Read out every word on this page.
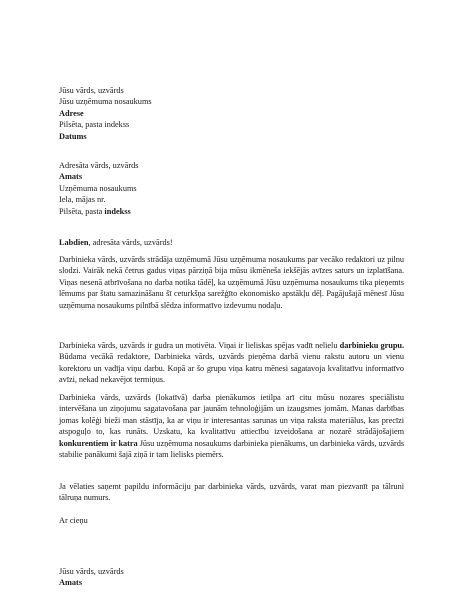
Jūsu vārds, uzvārds

Jūsu uzņēmuma nosaukums

Adrese

Pilsēta, pasta indekss

Datums

Adresāta vārds, uzvārds

Amats

Uzņēmuma nosaukums

Iela, mājas nr.

Pilsēta, pasta indekss

Labdien, adresāta vārds, uzvārds!

Darbinieka vārds, uzvārds strādāja uzņēmumā Jūsu uzņēmuma nosaukums par vecāko redaktori uz pilnu slodzi. Vairāk nekā četrus gadus viņas pārziņā bija mūsu ikmēneša iekšējās avīzes saturs un izplatīšana. Viņas nesenā atbrīvošana no darba notika tādēļ, ka uzņēmumā Jūsu uzņēmuma nosaukums tika pieņemts lēmums par štatu samazināšanu šī ceturkšņa sarežģīto ekonomisko apstākļu dēļ. Pagājušajā mēnesī Jūsu uzņēmuma nosaukums pilnībā slēdza informatīvo izdevumu nodaļu.

Darbinieka vārds, uzvārds ir gudra un motivēta. Viņai ir lieliskas spējas vadīt nelielu darbinieku grupu. Būdama vecākā redaktore, Darbinieka vārds, uzvārds pieņēma darbā vienu rakstu autoru un vienu korektoru un vadīja viņu darbu. Kopā ar šo grupu viņa katru mēnesi sagatavoja kvalitatīvu informatīvo avīzi, nekad nekavējot termiņus.

Darbinieka vārds, uzvārds (lokatīvā) darba pienākumos ietilpa arī citu mūsu nozares speciālistu intervēšana un ziņojumu sagatavošana par jaunām tehnoloģijām un izaugsmes jomām. Manas darbības jomas kolēģi bieži man stāstīja, ka ar viņu ir interesantas sarunas un viņa raksta materiālus, kas precīzi atspoguļo to, kas runāts. Uzskatu, ka kvalitatīvu attiecību izveidošana ar nozarē strādājošajiem konkurentiem ir katra Jūsu uzņēmuma nosaukums darbinieka pienākums, un darbinieka vārds, uzvārds stabilie panākumi šajā ziņā ir tam lielisks piemērs.

Ja vēlaties saņemt papildu informāciju par darbinieka vārds, uzvārds, varat man piezvanīt pa tālruni tālruņa numurs.

Ar cieņu

Jūsu vārds, uzvārds

Amats
